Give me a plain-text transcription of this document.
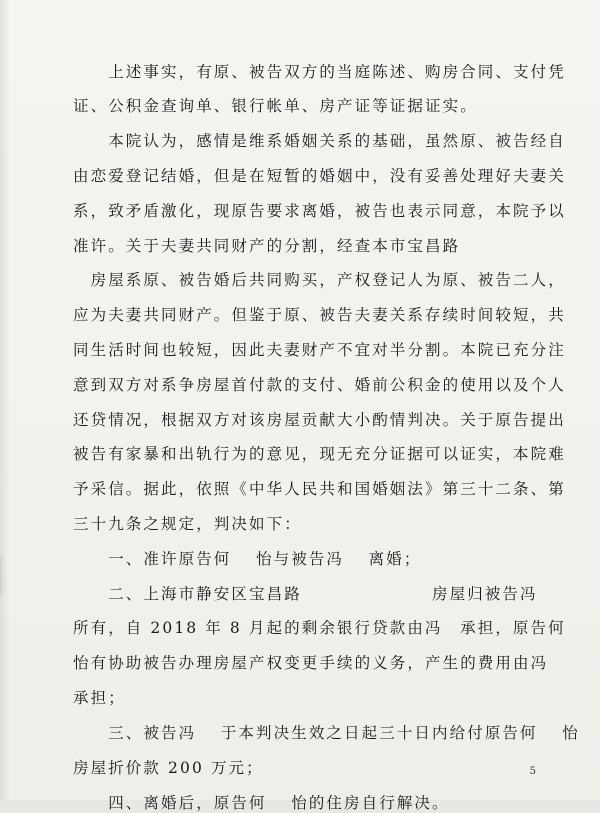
　　上述事实，有原、被告双方的当庭陈述、购房合同、支付凭
证、公积金查询单、银行帐单、房产证等证据证实。
　　本院认为，感情是维系婚姻关系的基础，虽然原、被告经自
由恋爱登记结婚，但是在短暂的婚姻中，没有妥善处理好夫妻关
系，致矛盾激化，现原告要求离婚，被告也表示同意，本院予以
准许。关于夫妻共同财产的分割，经查本市宝昌路
　房屋系原、被告婚后共同购买，产权登记人为原、被告二人，
应为夫妻共同财产。但鉴于原、被告夫妻关系存续时间较短，共
同生活时间也较短，因此夫妻财产不宜对半分割。本院已充分注
意到双方对系争房屋首付款的支付、婚前公积金的使用以及个人
还贷情况，根据双方对该房屋贡献大小酌情判决。关于原告提出
被告有家暴和出轨行为的意见，现无充分证据可以证实，本院难
予采信。据此，依照《中华人民共和国婚姻法》第三十二条、第
三十九条之规定，判决如下：
　　一、准许原告何　 怡与被告冯　 离婚；
　　二、上海市静安区宝昌路　　　　　　　 房屋归被告冯
所有，自 2018 年 8 月起的剩余银行贷款由冯　承担，原告何
怡有协助被告办理房屋产权变更手续的义务，产生的费用由冯
承担；
　　三、被告冯　 于本判决生效之日起三十日内给付原告何　 怡
房屋折价款 200 万元；
　　四、离婚后，原告何　 怡的住房自行解决。
5
